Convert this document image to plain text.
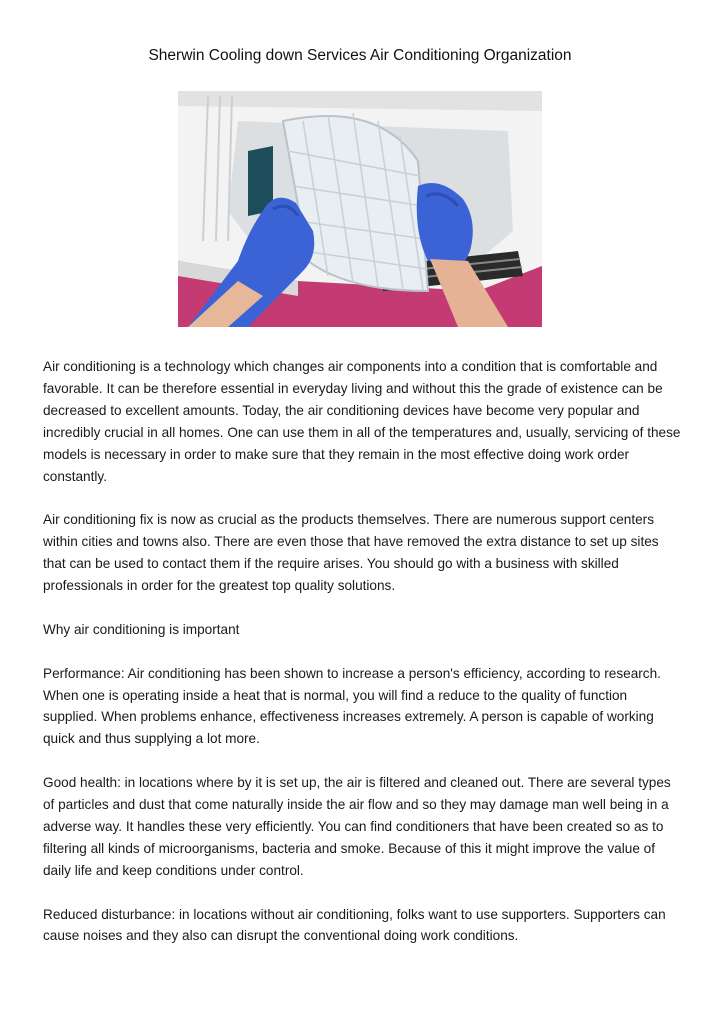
Sherwin Cooling down Services Air Conditioning Organization

Air conditioning is a technology which changes air components into a condition that is comfortable and favorable. It can be therefore essential in everyday living and without this the grade of existence can be decreased to excellent amounts. Today, the air conditioning devices have become very popular and incredibly crucial in all homes. One can use them in all of the temperatures and, usually, servicing of these models is necessary in order to make sure that they remain in the most effective doing work order constantly.

Air conditioning fix is now as crucial as the products themselves. There are numerous support centers within cities and towns also. There are even those that have removed the extra distance to set up sites that can be used to contact them if the require arises. You should go with a business with skilled professionals in order for the greatest top quality solutions.

Why air conditioning is important

Performance: Air conditioning has been shown to increase a person's efficiency, according to research. When one is operating inside a heat that is normal, you will find a reduce to the quality of function supplied. When problems enhance, effectiveness increases extremely. A person is capable of working quick and thus supplying a lot more.

Good health: in locations where by it is set up, the air is filtered and cleaned out. There are several types of particles and dust that come naturally inside the air flow and so they may damage man well being in a adverse way. It handles these very efficiently. You can find conditioners that have been created so as to filtering all kinds of microorganisms, bacteria and smoke. Because of this it might improve the value of daily life and keep conditions under control.

Reduced disturbance: in locations without air conditioning, folks want to use supporters. Supporters can cause noises and they also can disrupt the conventional doing work conditions.
